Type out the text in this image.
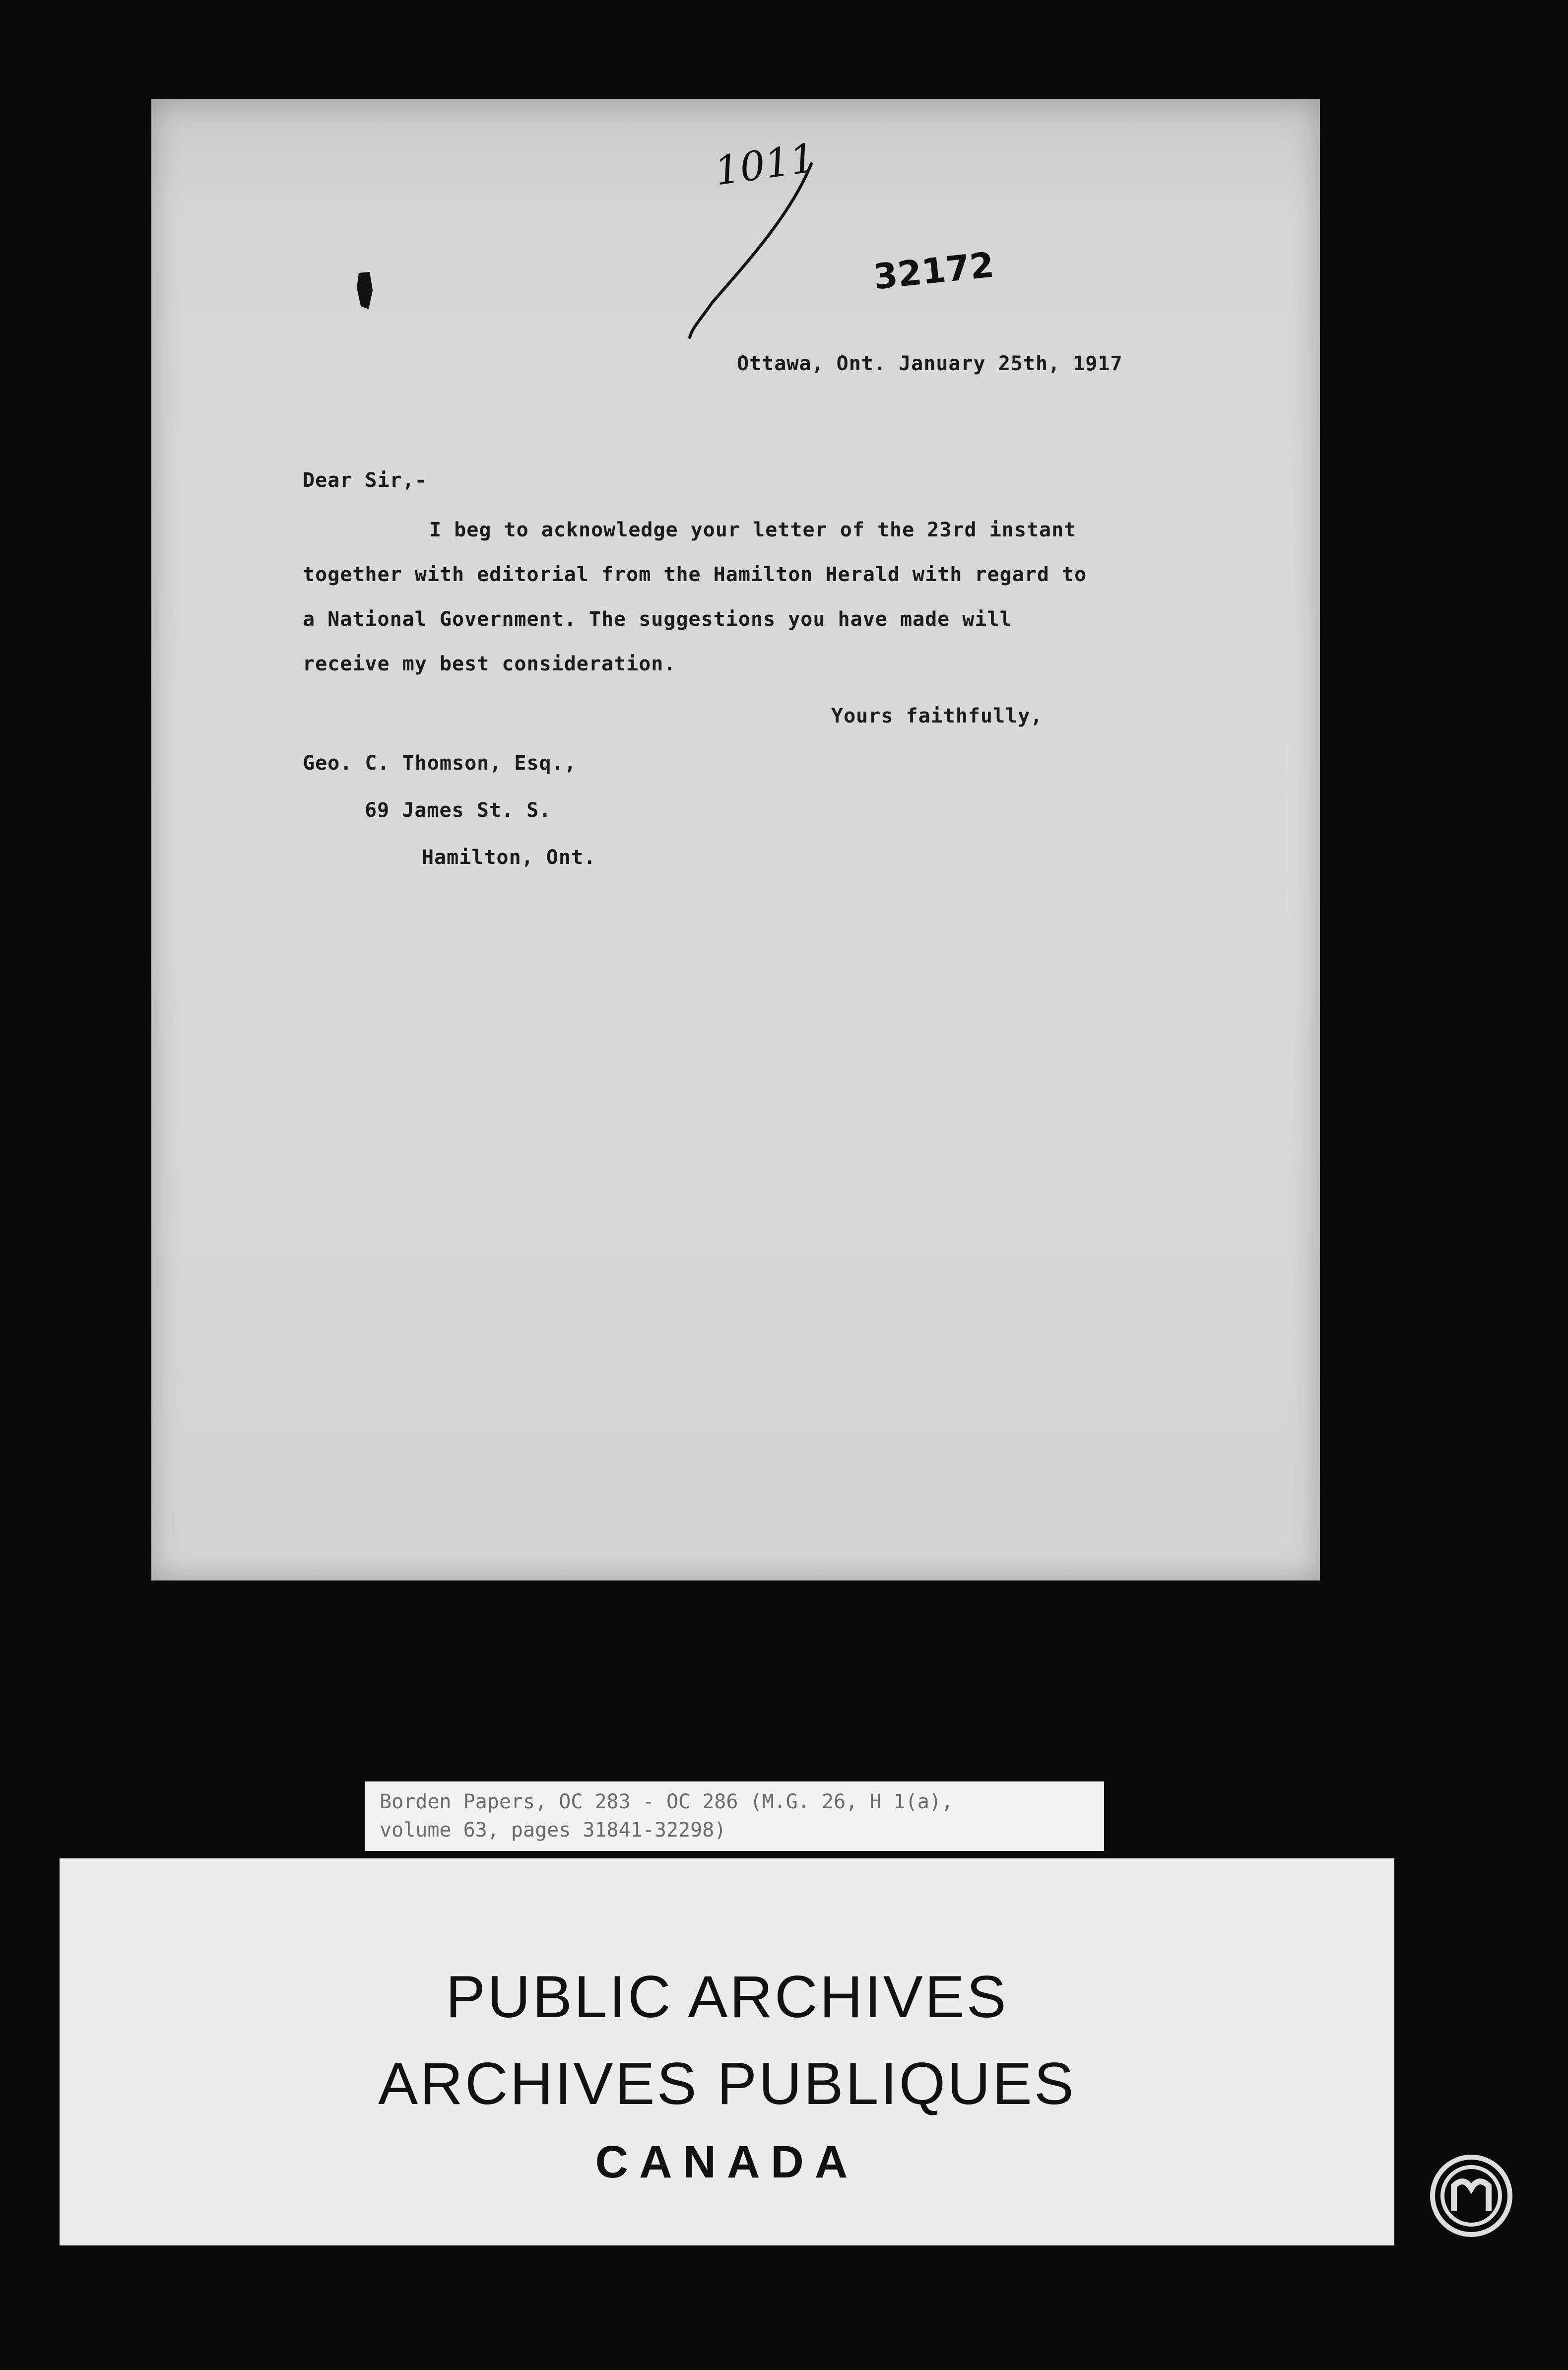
1011
32172
Ottawa, Ont. January 25th, 1917
Dear Sir,-
I beg to acknowledge your letter of the 23rd instant
together with editorial from the Hamilton Herald with regard to
a National Government. The suggestions you have made will
receive my best consideration.
Yours faithfully,
Geo. C. Thomson, Esq.,
69 James St. S.
Hamilton, Ont.
Borden Papers, OC 283 - OC 286 (M.G. 26, H 1(a),
volume 63, pages 31841-32298)
PUBLIC ARCHIVES
ARCHIVES PUBLIQUES
CANADA
